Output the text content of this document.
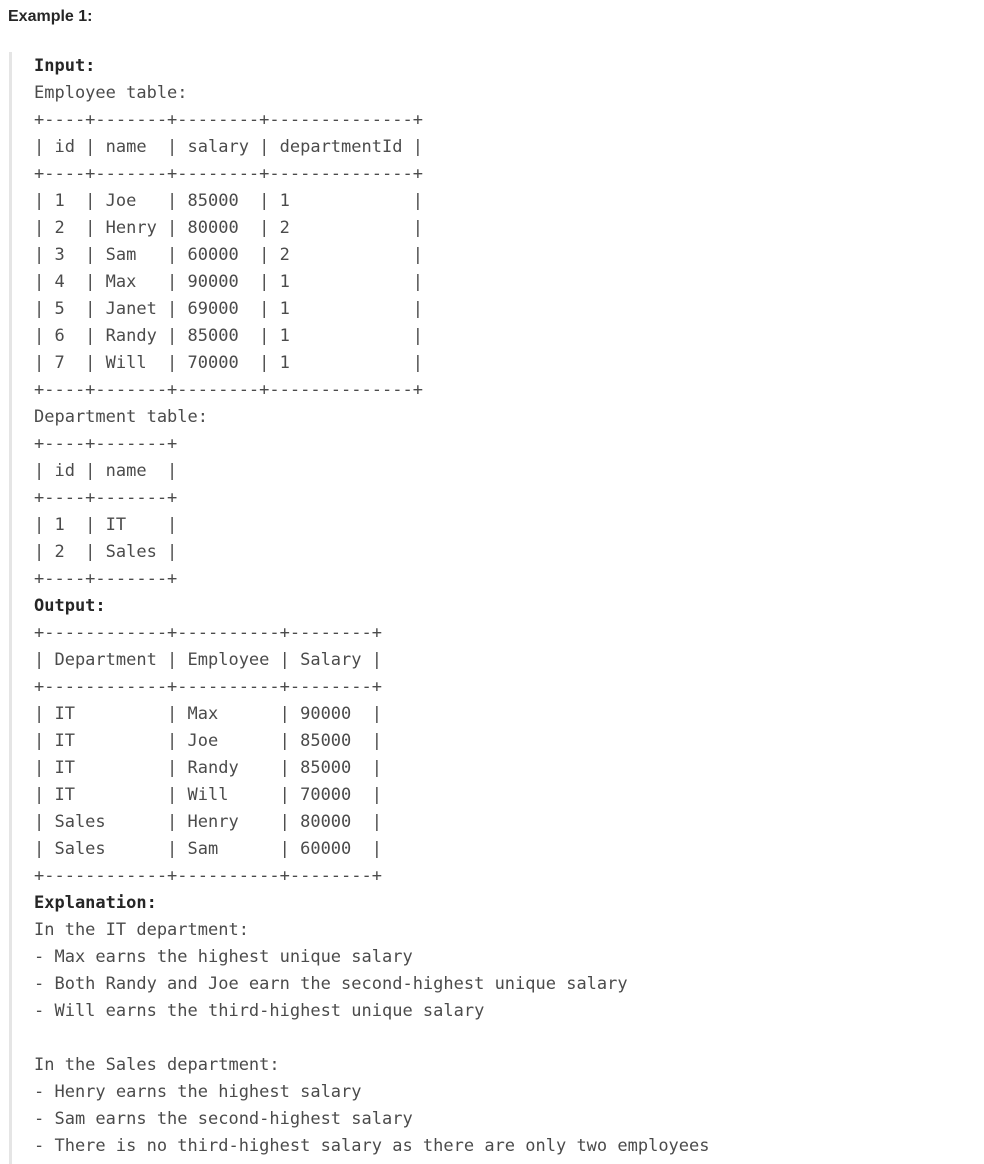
Example 1:
Input:
Employee table:
+----+-------+--------+--------------+
| id | name  | salary | departmentId |
+----+-------+--------+--------------+
| 1  | Joe   | 85000  | 1            |
| 2  | Henry | 80000  | 2            |
| 3  | Sam   | 60000  | 2            |
| 4  | Max   | 90000  | 1            |
| 5  | Janet | 69000  | 1            |
| 6  | Randy | 85000  | 1            |
| 7  | Will  | 70000  | 1            |
+----+-------+--------+--------------+
Department table:
+----+-------+
| id | name  |
+----+-------+
| 1  | IT    |
| 2  | Sales |
+----+-------+
Output:
+------------+----------+--------+
| Department | Employee | Salary |
+------------+----------+--------+
| IT         | Max      | 90000  |
| IT         | Joe      | 85000  |
| IT         | Randy    | 85000  |
| IT         | Will     | 70000  |
| Sales      | Henry    | 80000  |
| Sales      | Sam      | 60000  |
+------------+----------+--------+
Explanation:
In the IT department:
- Max earns the highest unique salary
- Both Randy and Joe earn the second-highest unique salary
- Will earns the third-highest unique salary
In the Sales department:
- Henry earns the highest salary
- Sam earns the second-highest salary
- There is no third-highest salary as there are only two employees
